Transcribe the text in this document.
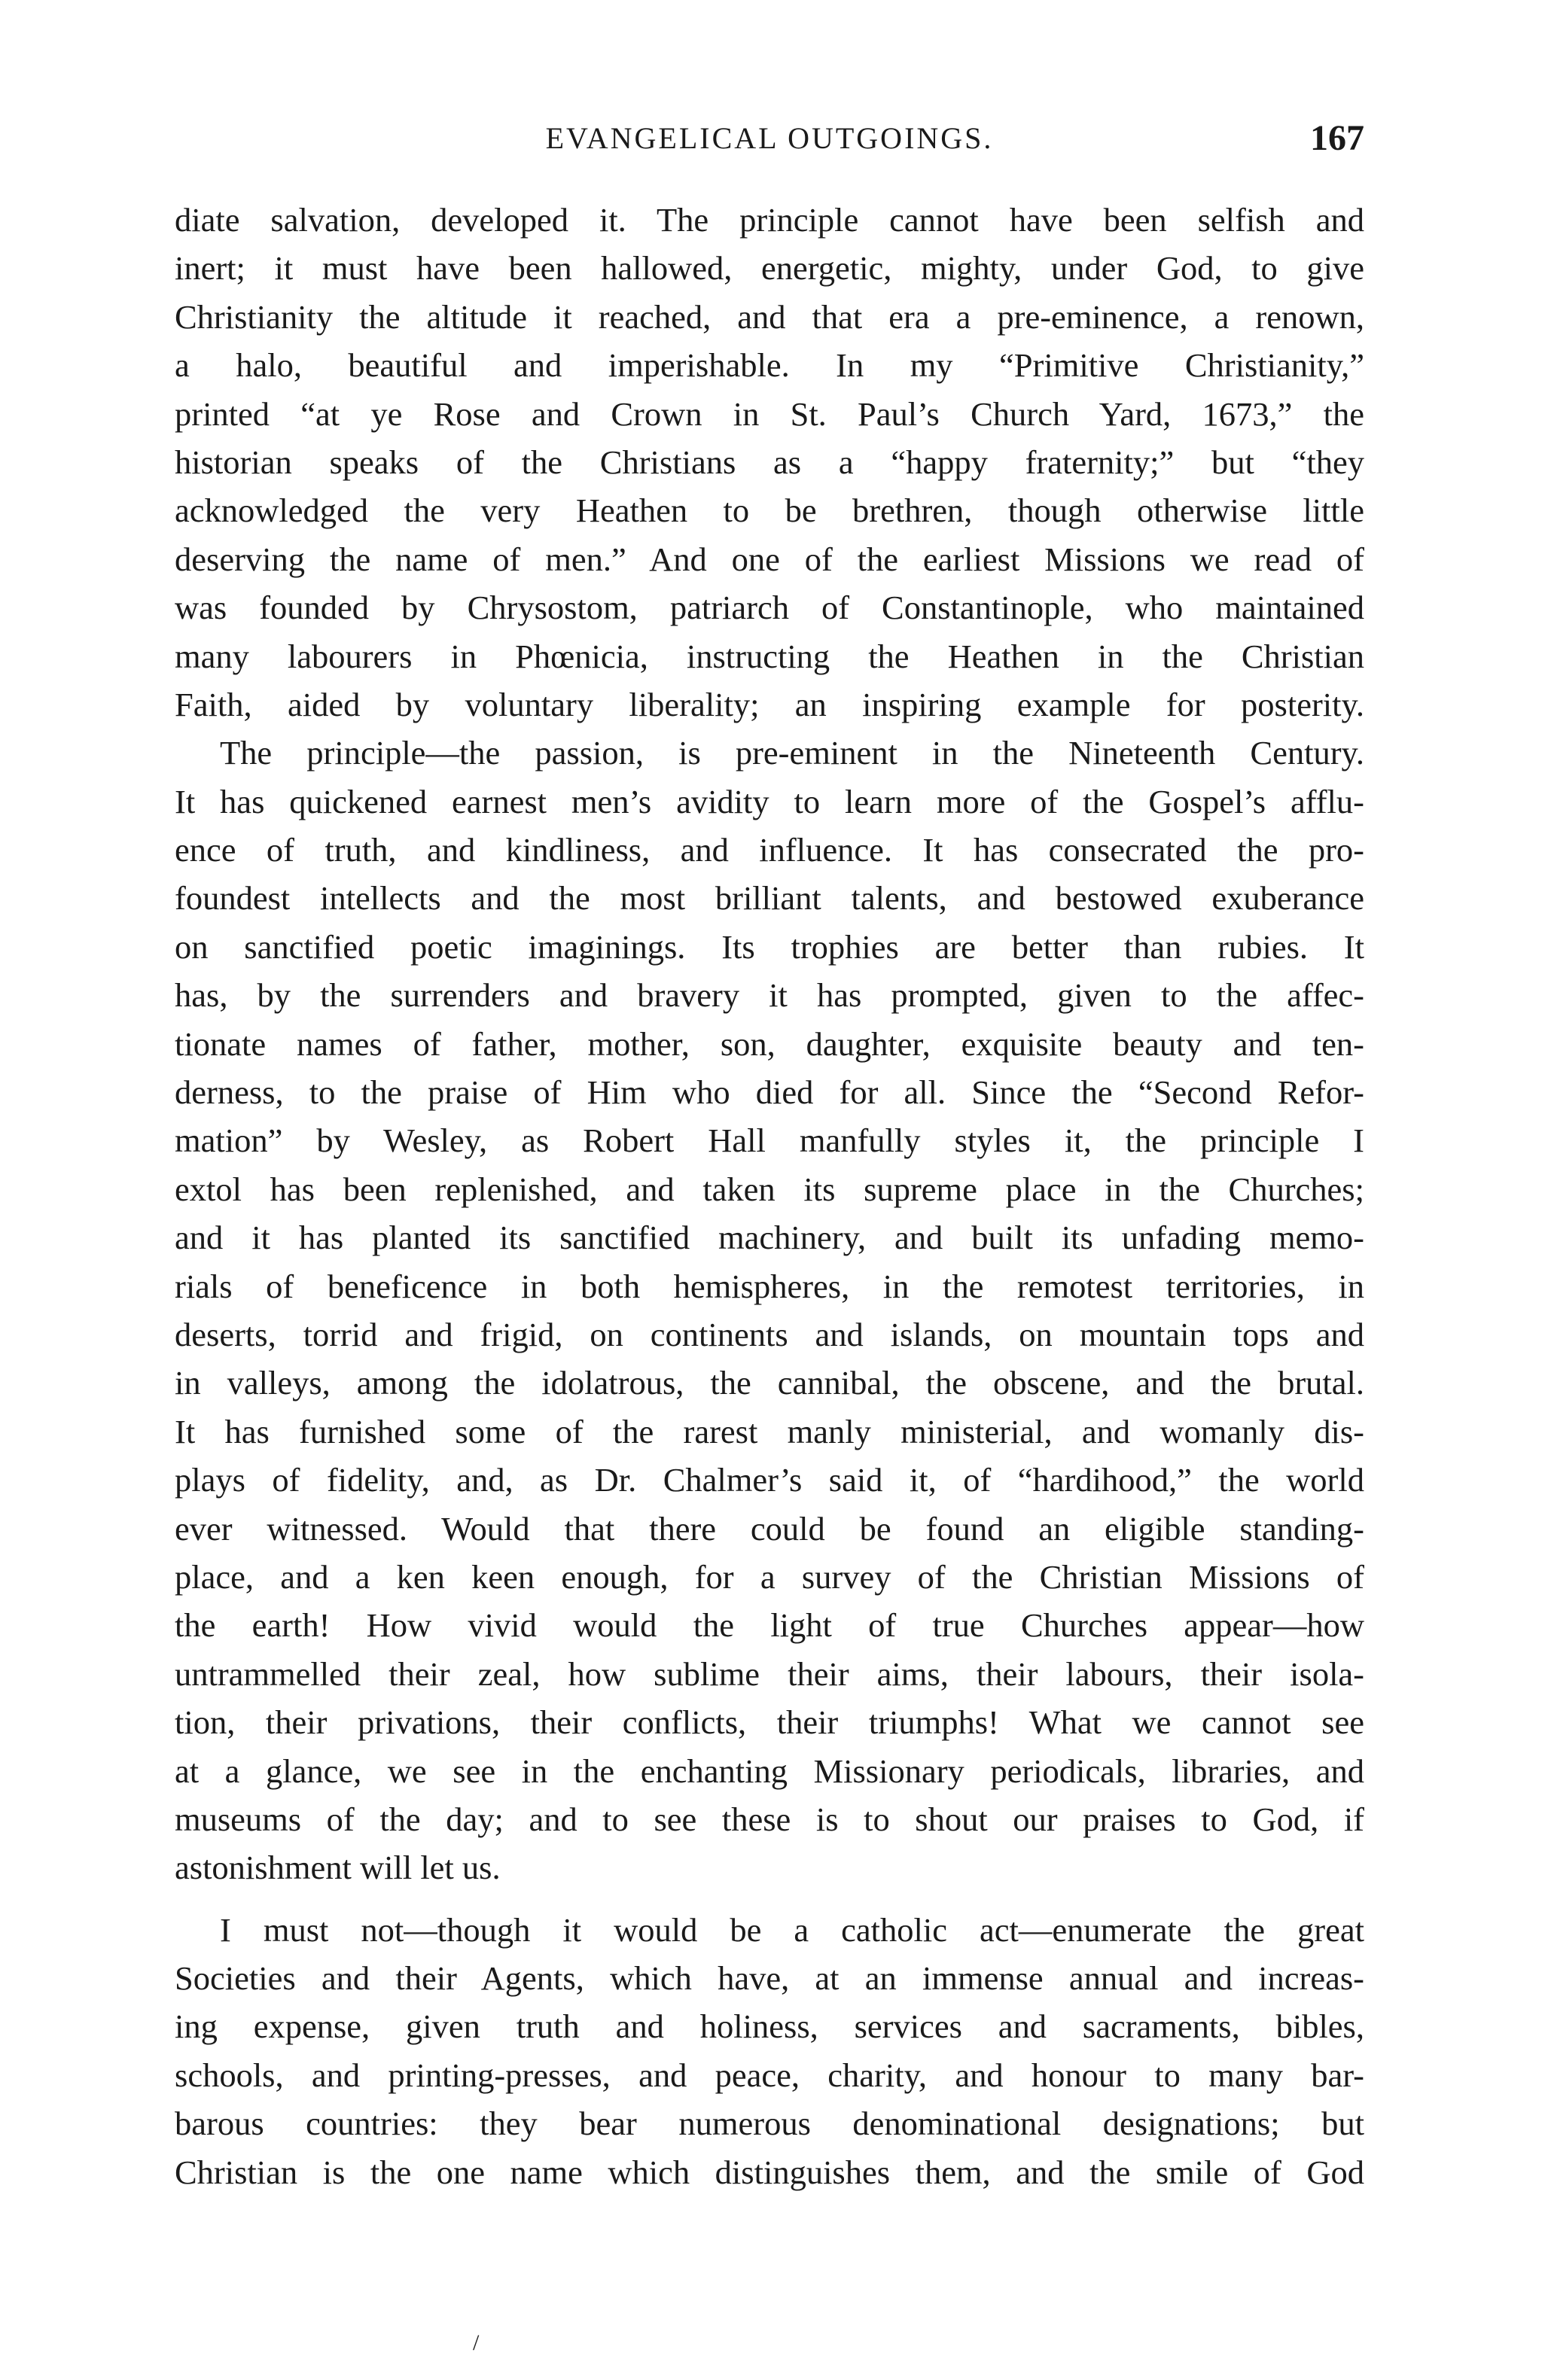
EVANGELICAL OUTGOINGS.	167
diate salvation, developed it. The principle cannot have been selfish and
inert; it must have been hallowed, energetic, mighty, under God, to give
Christianity the altitude it reached, and that era a pre-eminence, a renown,
a halo, beautiful and imperishable. In my “Primitive Christianity,”
printed “at ye Rose and Crown in St. Paul’s Church Yard, 1673,” the
historian speaks of the Christians as a “happy fraternity;” but “they
acknowledged the very Heathen to be brethren, though otherwise little
deserving the name of men.” And one of the earliest Missions we read of
was founded by Chrysostom, patriarch of Constantinople, who maintained
many labourers in Phœnicia, instructing the Heathen in the Christian
Faith, aided by voluntary liberality; an inspiring example for posterity.
The principle—the passion, is pre-eminent in the Nineteenth Century.
It has quickened earnest men’s avidity to learn more of the Gospel’s afflu-
ence of truth, and kindliness, and influence. It has consecrated the pro-
foundest intellects and the most brilliant talents, and bestowed exuberance
on sanctified poetic imaginings. Its trophies are better than rubies. It
has, by the surrenders and bravery it has prompted, given to the affec-
tionate names of father, mother, son, daughter, exquisite beauty and ten-
derness, to the praise of Him who died for all. Since the “Second Refor-
mation” by Wesley, as Robert Hall manfully styles it, the principle I
extol has been replenished, and taken its supreme place in the Churches;
and it has planted its sanctified machinery, and built its unfading memo-
rials of beneficence in both hemispheres, in the remotest territories, in
deserts, torrid and frigid, on continents and islands, on mountain tops and
in valleys, among the idolatrous, the cannibal, the obscene, and the brutal.
It has furnished some of the rarest manly ministerial, and womanly dis-
plays of fidelity, and, as Dr. Chalmer’s said it, of “hardihood,” the world
ever witnessed. Would that there could be found an eligible standing-
place, and a ken keen enough, for a survey of the Christian Missions of
the earth! How vivid would the light of true Churches appear—how
untrammelled their zeal, how sublime their aims, their labours, their isola-
tion, their privations, their conflicts, their triumphs! What we cannot see
at a glance, we see in the enchanting Missionary periodicals, libraries, and
museums of the day; and to see these is to shout our praises to God, if
astonishment will let us.
I must not—though it would be a catholic act—enumerate the great
Societies and their Agents, which have, at an immense annual and increas-
ing expense, given truth and holiness, services and sacraments, bibles,
schools, and printing-presses, and peace, charity, and honour to many bar-
barous countries: they bear numerous denominational designations; but
Christian is the one name which distinguishes them, and the smile of God
/
